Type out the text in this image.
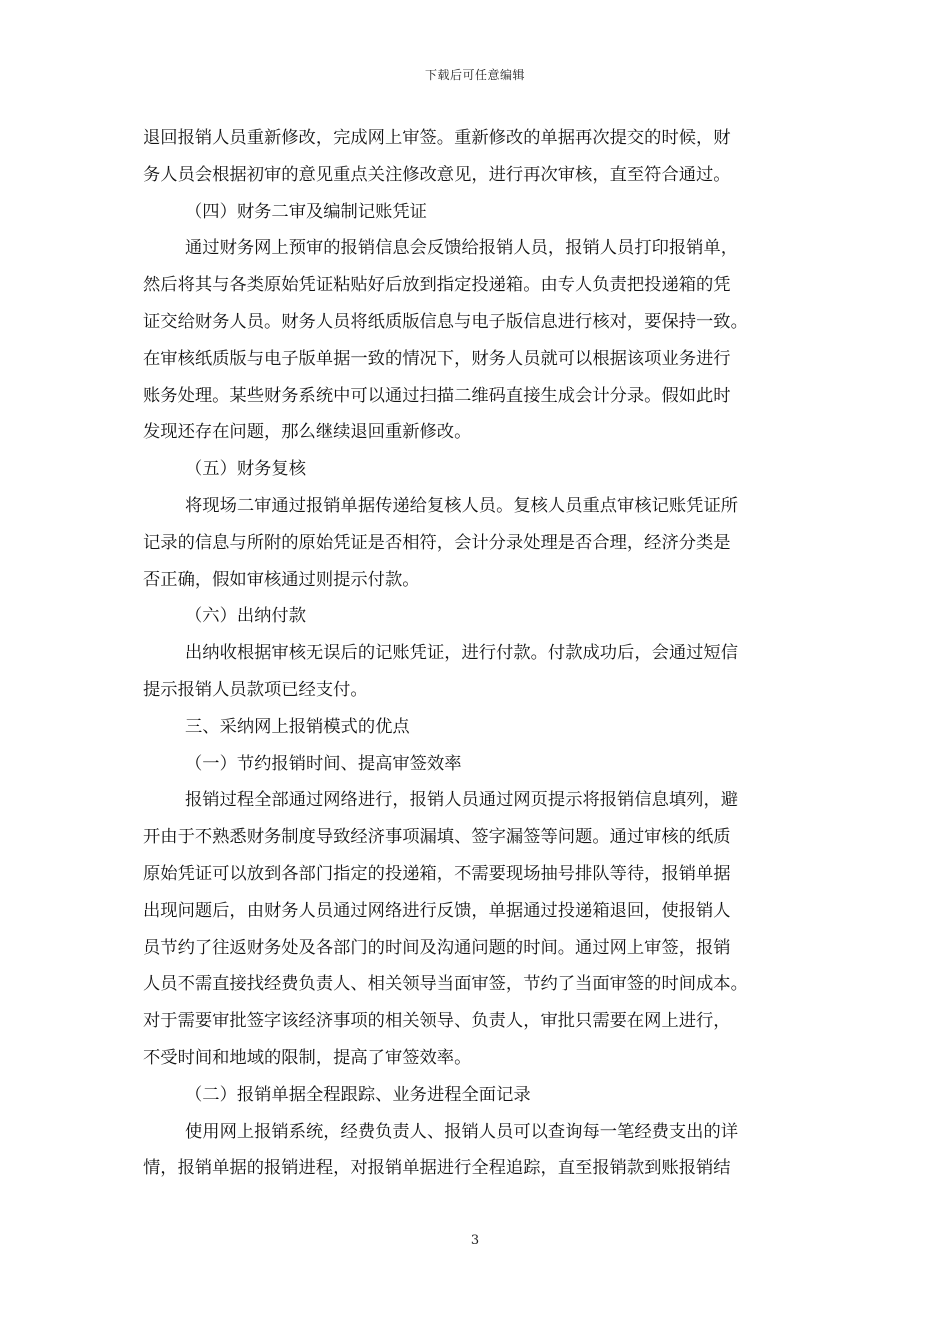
下载后可任意编辑

退回报销人员重新修改，完成网上审签。重新修改的单据再次提交的时候，财
务人员会根据初审的意见重点关注修改意见，进行再次审核，直至符合通过。

（四）财务二审及编制记账凭证

通过财务网上预审的报销信息会反馈给报销人员，报销人员打印报销单，
然后将其与各类原始凭证粘贴好后放到指定投递箱。由专人负责把投递箱的凭
证交给财务人员。财务人员将纸质版信息与电子版信息进行核对，要保持一致。
在审核纸质版与电子版单据一致的情况下，财务人员就可以根据该项业务进行
账务处理。某些财务系统中可以通过扫描二维码直接生成会计分录。假如此时
发现还存在问题，那么继续退回重新修改。

（五）财务复核

将现场二审通过报销单据传递给复核人员。复核人员重点审核记账凭证所
记录的信息与所附的原始凭证是否相符，会计分录处理是否合理，经济分类是
否正确，假如审核通过则提示付款。

（六）出纳付款

出纳收根据审核无误后的记账凭证，进行付款。付款成功后，会通过短信
提示报销人员款项已经支付。

三、采纳网上报销模式的优点

（一）节约报销时间、提高审签效率

报销过程全部通过网络进行，报销人员通过网页提示将报销信息填列，避
开由于不熟悉财务制度导致经济事项漏填、签字漏签等问题。通过审核的纸质
原始凭证可以放到各部门指定的投递箱，不需要现场抽号排队等待，报销单据
出现问题后，由财务人员通过网络进行反馈，单据通过投递箱退回，使报销人
员节约了往返财务处及各部门的时间及沟通问题的时间。通过网上审签，报销
人员不需直接找经费负责人、相关领导当面审签，节约了当面审签的时间成本。
对于需要审批签字该经济事项的相关领导、负责人，审批只需要在网上进行，
不受时间和地域的限制，提高了审签效率。

（二）报销单据全程跟踪、业务进程全面记录

使用网上报销系统，经费负责人、报销人员可以查询每一笔经费支出的详
情，报销单据的报销进程，对报销单据进行全程追踪，直至报销款到账报销结

3
